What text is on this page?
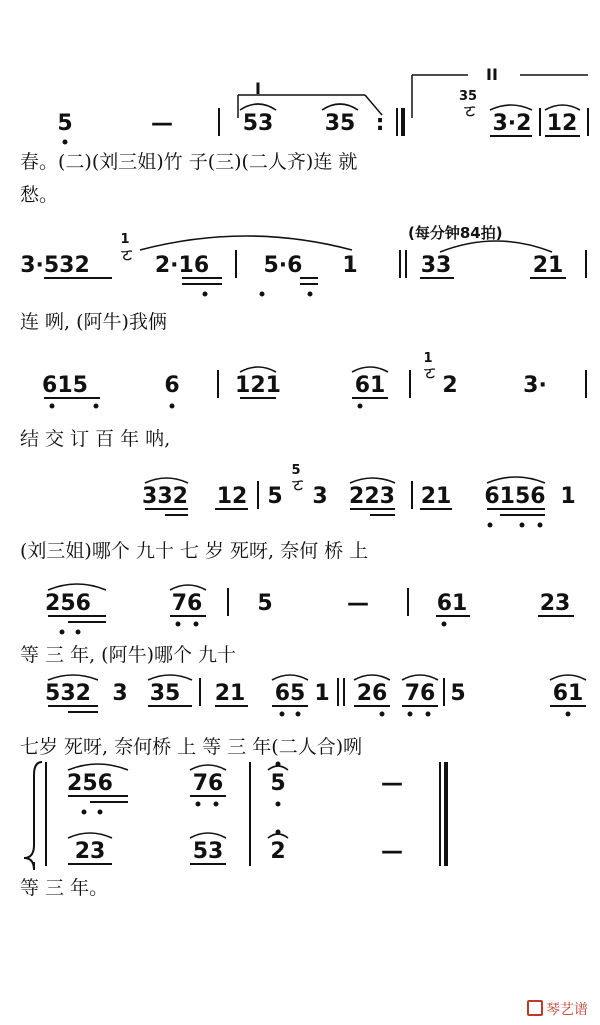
5	—	53 35 :
I
II
35
ㄛ
3·2 12
3·532
1
ㄛ 2·16 5·6 1	33	21
615	6	121	61
1
ㄛ
2	3·
332 12 5
5
ㄛ 3 223 21 6156 1
256	76	5	—	61	23
532 3 35 21 65 1 26 76 5	61
256	76 5	—
23	53 2	—
春。(二)(刘三姐)竹 子(三)(二人齐)连 就
愁。
连 咧, (阿牛)我俩
结 交 订 百 年 呐,
(刘三姐)哪个 九十 七 岁 死呀, 奈何 桥 上
等 三 年, (阿牛)哪个 九十
七岁 死呀, 奈何桥 上 等 三 年(二人合)咧
等 三 年。
(每分钟84拍)
琴艺谱
